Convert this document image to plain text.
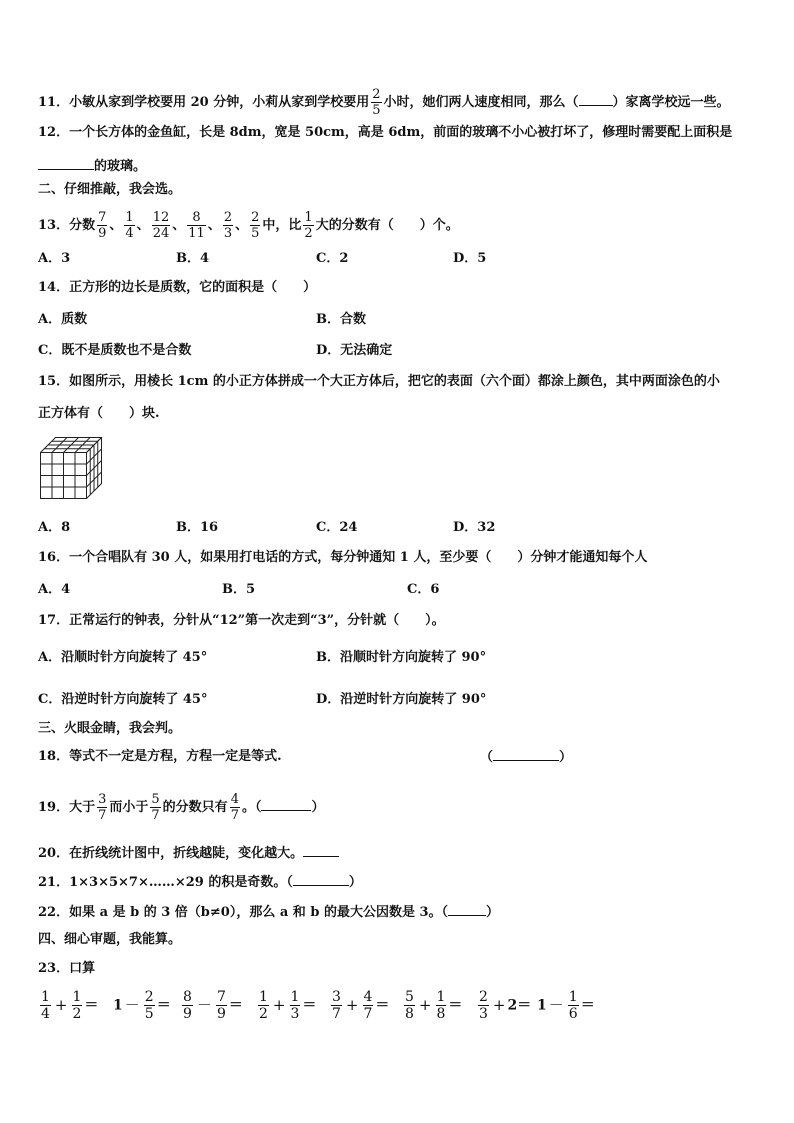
11．小敏从家到学校要用 20 分钟，小莉从家到学校要用 $\frac{2}{5}$ 小时，她们两人速度相同，那么（	）家离学校远一些。
12．一个长方体的金鱼缸，长是 8dm，宽是 50cm，高是 6dm，前面的玻璃不小心被打坏了，修理时需要配上面积是
的玻璃。
二、仔细推敲，我会选。
13．分数 $\frac{7}{9}$ 、 $\frac{1}{4}$ 、 $\frac{12}{24}$ 、 $\frac{8}{11}$ 、 $\frac{2}{3}$ 、 $\frac{2}{5}$ 中，比 $\frac{1}{2}$ 大的分数有（　　）个。
A．3	B．4	C．2	D．5
14．正方形的边长是质数，它的面积是（　　）
A．质数	B．合数
C．既不是质数也不是合数	D．无法确定
15．如图所示，用棱长 1cm 的小正方体拼成一个大正方体后，把它的表面（六个面）都涂上颜色，其中两面涂色的小
正方体有（　　）块.
A．8	B．16	C．24	D．32
16．一个合唱队有 30 人，如果用打电话的方式，每分钟通知 1 人，至少要（　　）分钟才能通知每个人
A．4	B．5	C．6
17．正常运行的钟表，分针从“12”第一次走到“3”，分针就（　　）。
A．沿顺时针方向旋转了 45°	B．沿顺时针方向旋转了 90°
C．沿逆时针方向旋转了 45°	D．沿逆时针方向旋转了 90°
三、火眼金睛，我会判。
18．等式不一定是方程，方程一定是等式.	（	）
19．大于 $\frac{3}{7}$ 而小于 $\frac{5}{7}$ 的分数只有 $\frac{4}{7}$ 。（	）
20．在折线统计图中，折线越陡，变化越大。
21．1×3×5×7×……×29 的积是奇数。（	）
22．如果 a 是 b 的 3 倍（b≠0），那么 a 和 b 的最大公因数是 3。（	）
四、细心审题，我能算。
23．口算
$\frac{1}{4} + \frac{1}{2} = 1 - \frac{2}{5} = \frac{8}{9} - \frac{7}{9} = \frac{1}{2} + \frac{1}{3} = \frac{3}{7} + \frac{4}{7} = \frac{5}{8} + \frac{1}{8} = \frac{2}{3} + 2= 1 - \frac{1}{6}$ ＝
